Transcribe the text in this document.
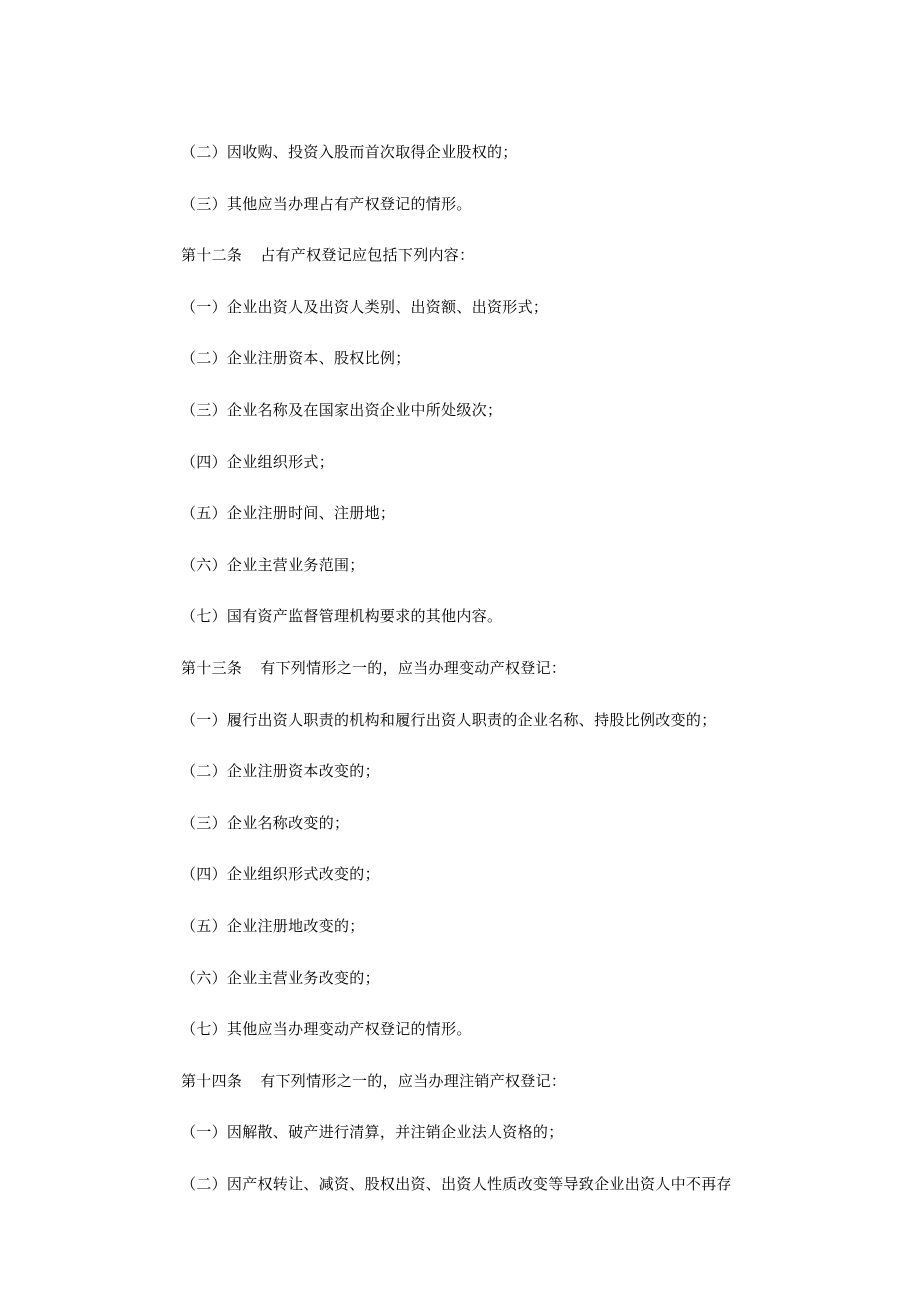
（二）因收购、投资入股而首次取得企业股权的；
（三）其他应当办理占有产权登记的情形。
第十二条 占有产权登记应包括下列内容：
（一）企业出资人及出资人类别、出资额、出资形式；
（二）企业注册资本、股权比例；
（三）企业名称及在国家出资企业中所处级次；
（四）企业组织形式；
（五）企业注册时间、注册地；
（六）企业主营业务范围；
（七）国有资产监督管理机构要求的其他内容。
第十三条 有下列情形之一的，应当办理变动产权登记：
（一）履行出资人职责的机构和履行出资人职责的企业名称、持股比例改变的；
（二）企业注册资本改变的；
（三）企业名称改变的；
（四）企业组织形式改变的；
（五）企业注册地改变的；
（六）企业主营业务改变的；
（七）其他应当办理变动产权登记的情形。
第十四条 有下列情形之一的，应当办理注销产权登记：
（一）因解散、破产进行清算，并注销企业法人资格的；
（二）因产权转让、减资、股权出资、出资人性质改变等导致企业出资人中不再存
